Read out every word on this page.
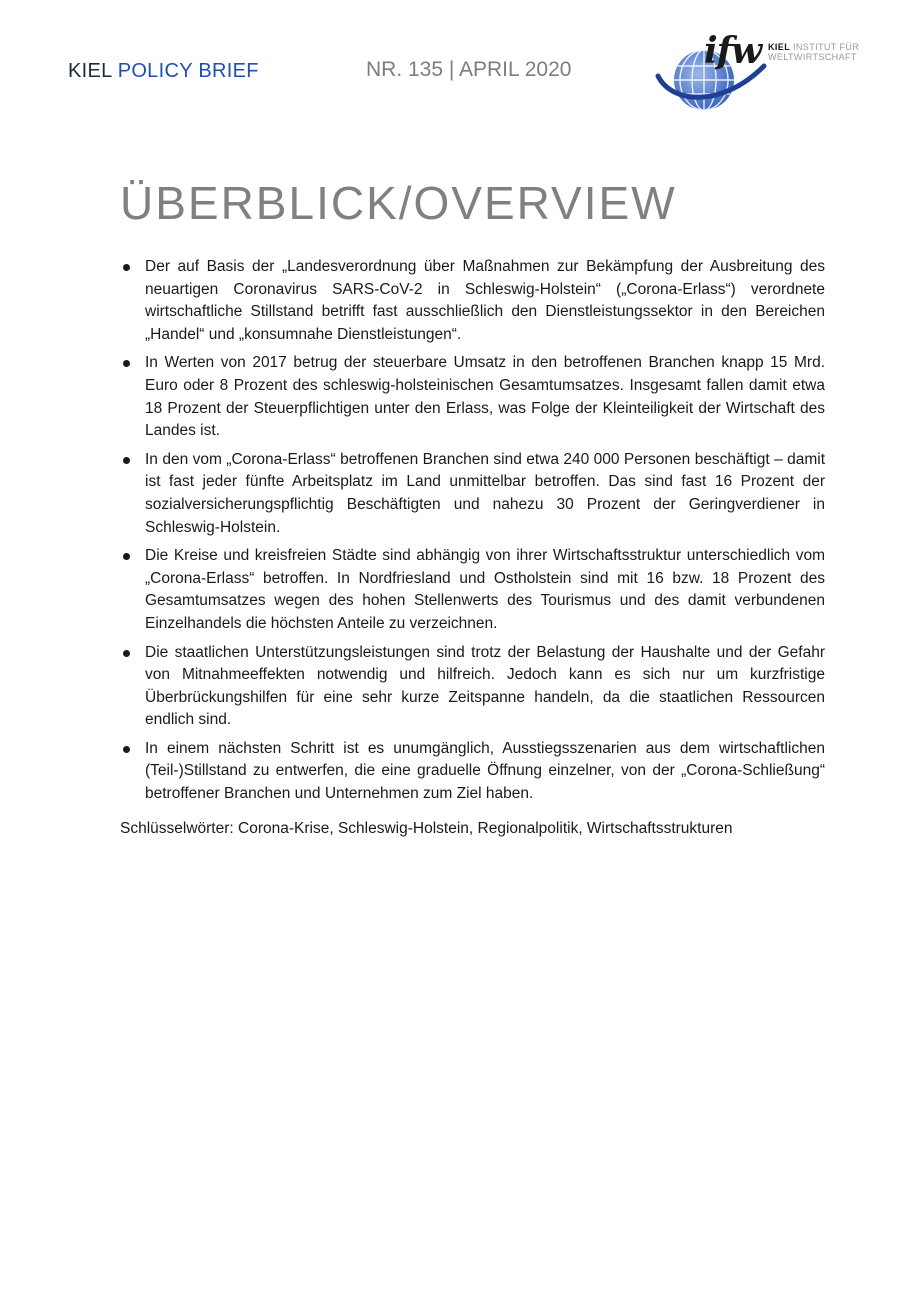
KIEL POLICY BRIEF	NR. 135 | APRIL 2020	ifw KIEL INSTITUT FÜR
WELTWIRTSCHAFT
ÜBERBLICK/OVERVIEW
Der auf Basis der „Landesverordnung über Maßnahmen zur Bekämpfung der Ausbreitung des neuartigen Coronavirus SARS-CoV-2 in Schleswig-Holstein“ („Corona-Erlass“) verordnete wirtschaftliche Stillstand betrifft fast ausschließlich den Dienstleistungssektor in den Bereichen „Handel“ und „konsumnahe Dienstleistungen“.
In Werten von 2017 betrug der steuerbare Umsatz in den betroffenen Branchen knapp 15 Mrd. Euro oder 8 Prozent des schleswig-holsteinischen Gesamtumsatzes. Insgesamt fallen damit etwa 18 Prozent der Steuerpflichtigen unter den Erlass, was Folge der Kleinteiligkeit der Wirtschaft des Landes ist.
In den vom „Corona-Erlass“ betroffenen Branchen sind etwa 240 000 Personen beschäftigt – damit ist fast jeder fünfte Arbeitsplatz im Land unmittelbar betroffen. Das sind fast 16 Prozent der sozialversicherungspflichtig Beschäftigten und nahezu 30 Prozent der Geringverdiener in Schleswig-Holstein.
Die Kreise und kreisfreien Städte sind abhängig von ihrer Wirtschaftsstruktur unterschiedlich vom „Corona-Erlass“ betroffen. In Nordfriesland und Ostholstein sind mit 16 bzw. 18 Prozent des Gesamtumsatzes wegen des hohen Stellenwerts des Tourismus und des damit verbundenen Einzelhandels die höchsten Anteile zu verzeichnen.
Die staatlichen Unterstützungsleistungen sind trotz der Belastung der Haushalte und der Gefahr von Mitnahmeeffekten notwendig und hilfreich. Jedoch kann es sich nur um kurzfristige Überbrückungshilfen für eine sehr kurze Zeitspanne handeln, da die staatlichen Ressourcen endlich sind.
In einem nächsten Schritt ist es unumgänglich, Ausstiegsszenarien aus dem wirtschaftlichen (Teil-)Stillstand zu entwerfen, die eine graduelle Öffnung einzelner, von der „Corona-Schließung“ betroffener Branchen und Unternehmen zum Ziel haben.
Schlüsselwörter: Corona-Krise, Schleswig-Holstein, Regionalpolitik, Wirtschaftsstrukturen
